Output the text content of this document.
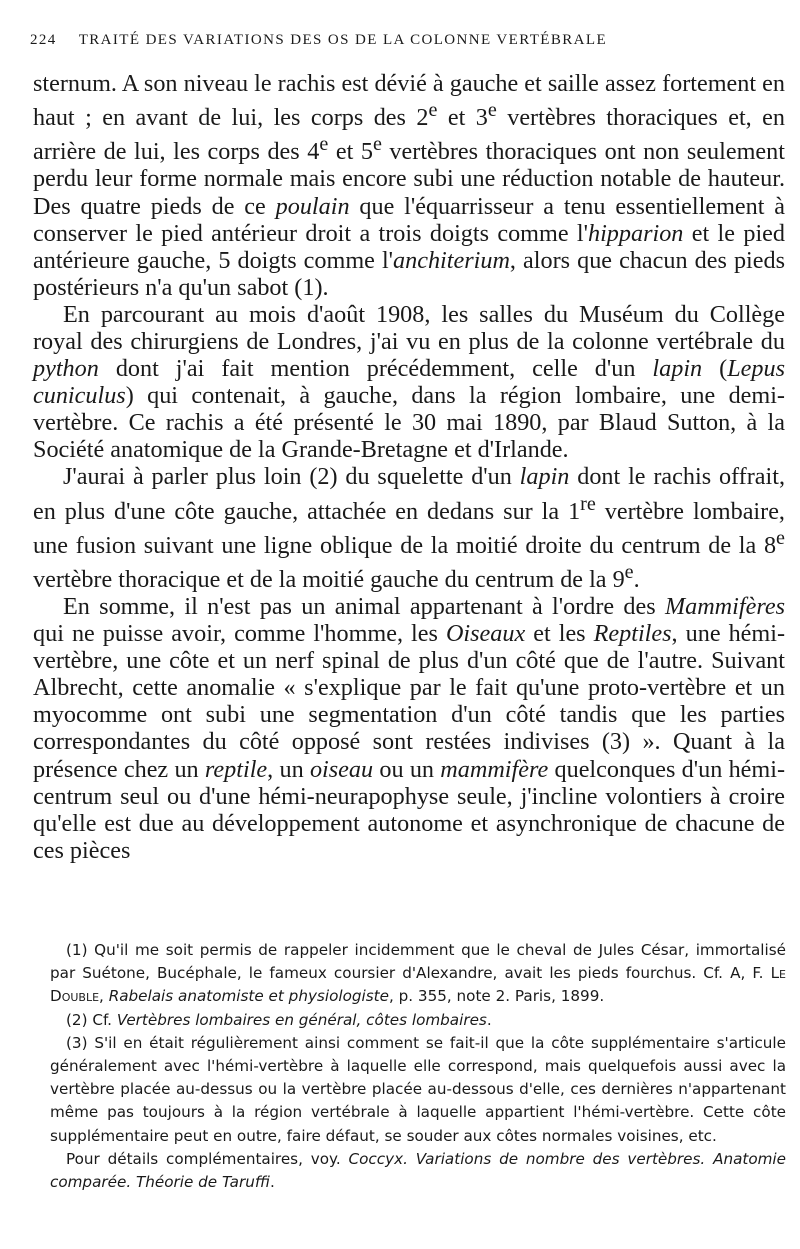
224 TRAITÉ DES VARIATIONS DES OS DE LA COLONNE VERTÉBRALE

sternum. A son niveau le rachis est dévié à gauche et saille assez fortement en haut ; en avant de lui, les corps des 2e et 3e vertèbres thoraciques et, en arrière de lui, les corps des 4e et 5e vertèbres thoraciques ont non seulement perdu leur forme normale mais encore subi une réduction notable de hauteur. Des quatre pieds de ce poulain que l'équarrisseur a tenu essentiellement à conserver le pied antérieur droit a trois doigts comme l'hipparion et le pied antérieure gauche, 5 doigts comme l'anchiterium, alors que chacun des pieds postérieurs n'a qu'un sabot (1).

En parcourant au mois d'août 1908, les salles du Muséum du Collège royal des chirurgiens de Londres, j'ai vu en plus de la colonne vertébrale du python dont j'ai fait mention précédemment, celle d'un lapin (Lepus cuniculus) qui contenait, à gauche, dans la région lombaire, une demi-vertèbre. Ce rachis a été présenté le 30 mai 1890, par Blaud Sutton, à la Société anatomique de la Grande-Bretagne et d'Irlande.

J'aurai à parler plus loin (2) du squelette d'un lapin dont le rachis offrait, en plus d'une côte gauche, attachée en dedans sur la 1re vertèbre lombaire, une fusion suivant une ligne oblique de la moitié droite du centrum de la 8e vertèbre thoracique et de la moitié gauche du centrum de la 9e.

En somme, il n'est pas un animal appartenant à l'ordre des Mammifères qui ne puisse avoir, comme l'homme, les Oiseaux et les Reptiles, une hémi-vertèbre, une côte et un nerf spinal de plus d'un côté que de l'autre. Suivant Albrecht, cette anomalie « s'explique par le fait qu'une proto-vertèbre et un myocomme ont subi une segmentation d'un côté tandis que les parties correspondantes du côté opposé sont restées indivises (3) ». Quant à la présence chez un reptile, un oiseau ou un mammifère quelconques d'un hémi-centrum seul ou d'une hémi-neurapophyse seule, j'incline volontiers à croire qu'elle est due au développement autonome et asynchronique de chacune de ces pièces

(1) Qu'il me soit permis de rappeler incidemment que le cheval de Jules César, immortalisé par Suétone, Bucéphale, le fameux coursier d'Alexandre, avait les pieds fourchus. Cf. A, F. Le Double, Rabelais anatomiste et physiologiste, p. 355, note 2. Paris, 1899.

(2) Cf. Vertèbres lombaires en général, côtes lombaires.

(3) S'il en était régulièrement ainsi comment se fait-il que la côte supplémentaire s'articule généralement avec l'hémi-vertèbre à laquelle elle correspond, mais quelquefois aussi avec la vertèbre placée au-dessus ou la vertèbre placée au-dessous d'elle, ces dernières n'appartenant même pas toujours à la région vertébrale à laquelle appartient l'hémi-vertèbre. Cette côte supplémentaire peut en outre, faire défaut, se souder aux côtes normales voisines, etc.

Pour détails complémentaires, voy. Coccyx. Variations de nombre des vertèbres. Anatomie comparée. Théorie de Taruffi.
